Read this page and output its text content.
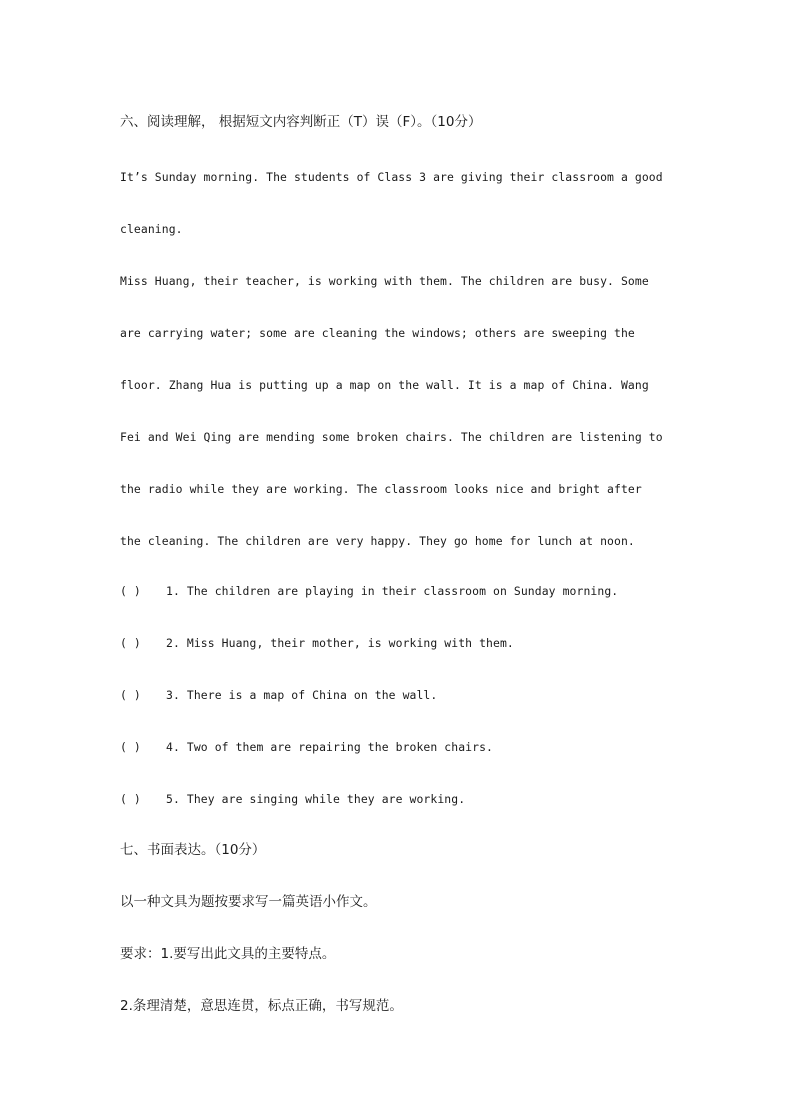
六、阅读理解， 根据短文内容判断正（T）误（F）。（10分）
It’s Sunday morning. The students of Class 3 are giving their classroom a good
cleaning.
Miss Huang, their teacher, is working with them. The children are busy. Some
are carrying water; some are cleaning the windows; others are sweeping the
floor. Zhang Hua is putting up a map on the wall. It is a map of China. Wang
Fei and Wei Qing are mending some broken chairs. The children are listening to
the radio while they are working. The classroom looks nice and bright after
the cleaning. The children are very happy. They go home for lunch at noon.
( ) 1. The children are playing in their classroom on Sunday morning.
( ) 2. Miss Huang, their mother, is working with them.
( ) 3. There is a map of China on the wall.
( ) 4. Two of them are repairing the broken chairs.
( ) 5. They are singing while they are working.
七、书面表达。（10分）
以一种文具为题按要求写一篇英语小作文。
要求：1.要写出此文具的主要特点。
2.条理清楚，意思连贯，标点正确，书写规范。
